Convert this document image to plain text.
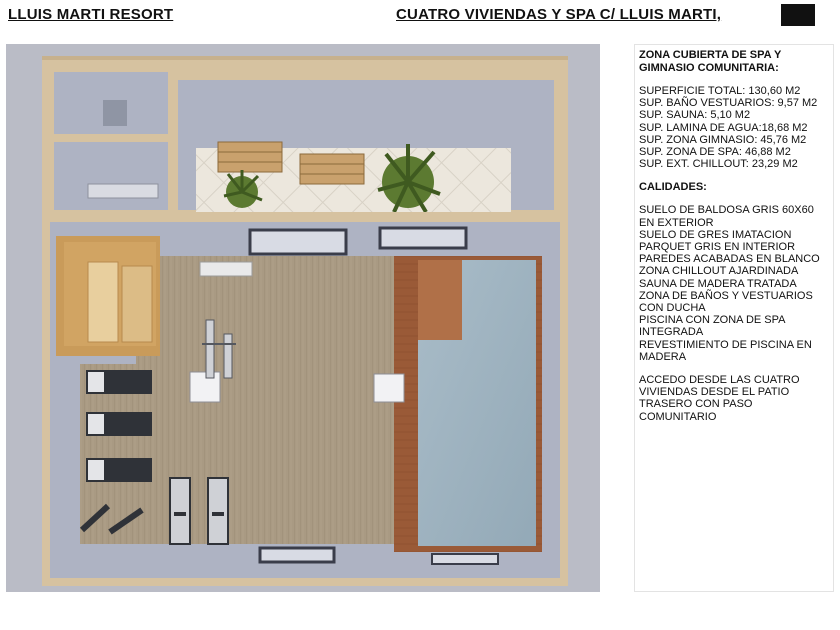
LLUIS MARTI RESORT	CUATRO VIVIENDAS Y SPA C/ LLUIS MARTI,
ZONA CUBIERTA DE SPA Y
GIMNASIO COMUNITARIA:
SUPERFICIE TOTAL: 130,60 M2
SUP. BAÑO VESTUARIOS: 9,57 M2
SUP. SAUNA: 5,10 M2
SUP. LAMINA DE AGUA:18,68 M2
SUP. ZONA GIMNASIO: 45,76 M2
SUP. ZONA DE SPA: 46,88 M2
SUP. EXT. CHILLOUT: 23,29 M2
CALIDADES:
SUELO DE BALDOSA GRIS 60X60
EN EXTERIOR
SUELO DE GRES IMATACION
PARQUET GRIS EN INTERIOR
PAREDES ACABADAS EN BLANCO
ZONA CHILLOUT AJARDINADA
SAUNA DE MADERA TRATADA
ZONA DE BAÑOS Y VESTUARIOS
CON DUCHA
PISCINA CON ZONA DE SPA
INTEGRADA
REVESTIMIENTO DE PISCINA EN
MADERA
ACCEDO DESDE LAS CUATRO
VIVIENDAS DESDE EL PATIO
TRASERO CON PASO
COMUNITARIO
